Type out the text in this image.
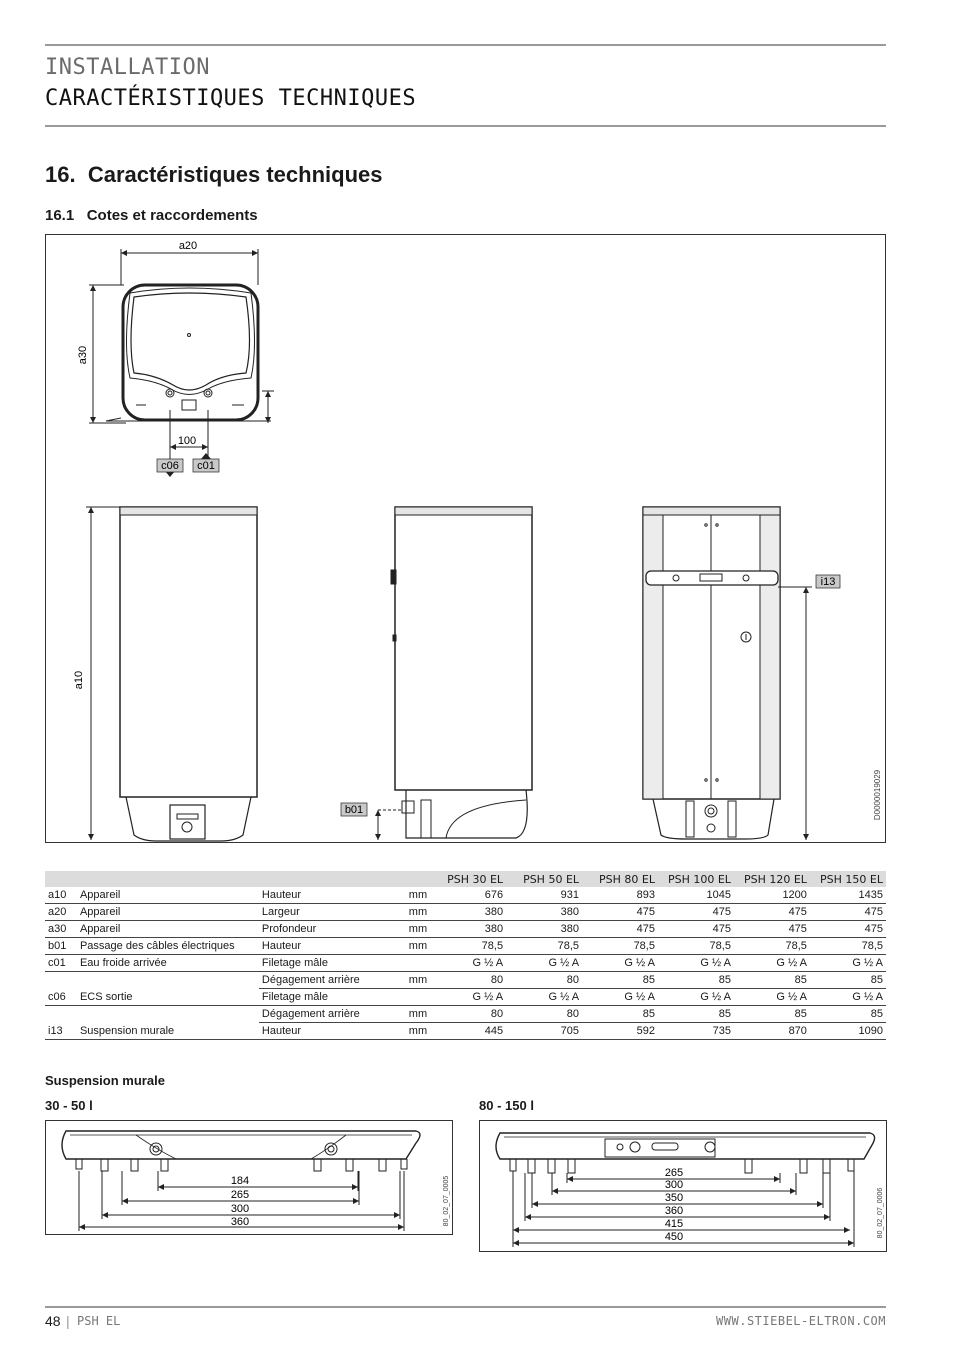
INSTALLATION
CARACTÉRISTIQUES TECHNIQUES
16. Caractéristiques techniques
16.1 Cotes et raccordements
a20
a30
100
c06 c01
a10
b01
i13
D0000019029
				PSH 30 EL	PSH 50 EL	PSH 80 EL	PSH 100 EL	PSH 120 EL	PSH 150 EL
a10	Appareil	Hauteur	mm	676	931	893	1045	1200	1435
a20	Appareil	Largeur	mm	380	380	475	475	475	475
a30	Appareil	Profondeur	mm	380	380	475	475	475	475
b01	Passage des câbles électriques	Hauteur	mm	78,5	78,5	78,5	78,5	78,5	78,5
c01	Eau froide arrivée	Filetage mâle		G ½ A	G ½ A	G ½ A	G ½ A	G ½ A	G ½ A
		Dégagement arrière	mm	80	80	85	85	85	85
c06	ECS sortie	Filetage mâle		G ½ A	G ½ A	G ½ A	G ½ A	G ½ A	G ½ A
		Dégagement arrière	mm	80	80	85	85	85	85
i13	Suspension murale	Hauteur	mm	445	705	592	735	870	1090
Suspension murale
30 - 50 l	80 - 150 l
184
265
300
360	80_02_07_0005
265
300
350
360
415
450	80_02_07_0006
48 | PSH EL	WWW.STIEBEL-ELTRON.COM
